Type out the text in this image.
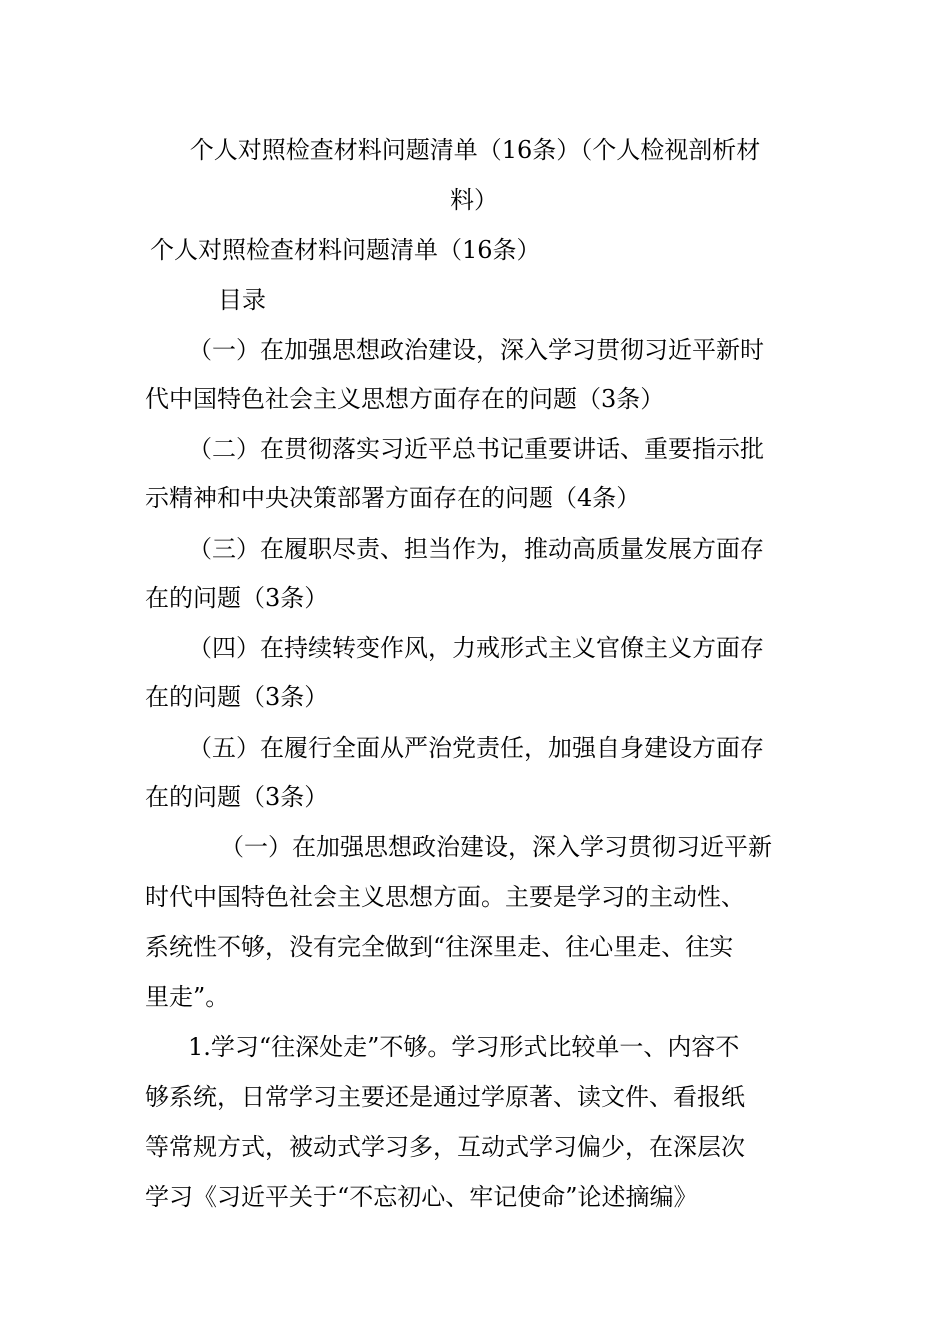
个人对照检查材料问题清单（16条）（个人检视剖析材
料）
个人对照检查材料问题清单（16条）
目录
（一）在加强思想政治建设，深入学习贯彻习近平新时
代中国特色社会主义思想方面存在的问题（3条）
（二）在贯彻落实习近平总书记重要讲话、重要指示批
示精神和中央决策部署方面存在的问题（4条）
（三）在履职尽责、担当作为，推动高质量发展方面存
在的问题（3条）
（四）在持续转变作风，力戒形式主义官僚主义方面存
在的问题（3条）
（五）在履行全面从严治党责任，加强自身建设方面存
在的问题（3条）
（一）在加强思想政治建设，深入学习贯彻习近平新
时代中国特色社会主义思想方面。主要是学习的主动性、
系统性不够，没有完全做到“往深里走、往心里走、往实
里走”。
1.学习“往深处走”不够。学习形式比较单一、内容不
够系统，日常学习主要还是通过学原著、读文件、看报纸
等常规方式，被动式学习多，互动式学习偏少，在深层次
学习《习近平关于“不忘初心、牢记使命”论述摘编》
